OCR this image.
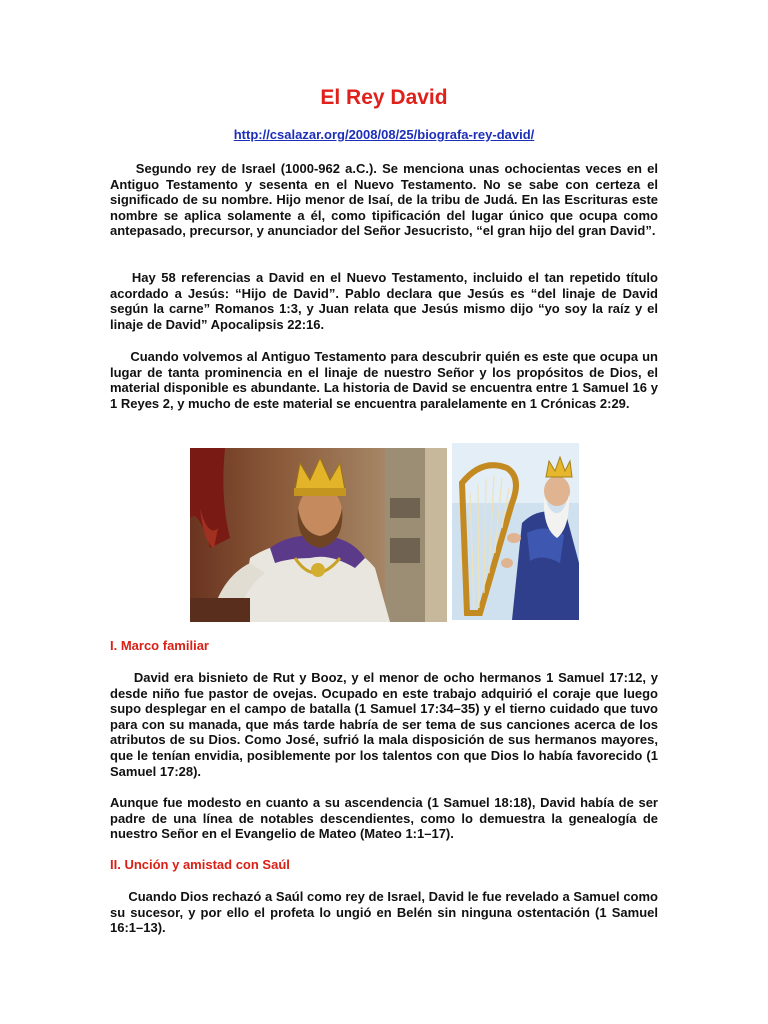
El Rey David
http://csalazar.org/2008/08/25/biografa-rey-david/

Segundo rey de Israel (1000-962 a.C.). Se menciona unas ochocientas veces en el Antiguo Testamento y sesenta en el Nuevo Testamento. No se sabe con certeza el significado de su nombre. Hijo menor de Isaí, de la tribu de Judá. En las Escrituras este nombre se aplica solamente a él, como tipificación del lugar único que ocupa como antepasado, precursor, y anunciador del Señor Jesucristo, “el gran hijo del gran David”.

Hay 58 referencias a David en el Nuevo Testamento, incluido el tan repetido título acordado a Jesús: “Hijo de David”. Pablo declara que Jesús es “del linaje de David según la carne” Romanos 1:3, y Juan relata que Jesús mismo dijo “yo soy la raíz y el linaje de David” Apocalipsis 22:16.

Cuando volvemos al Antiguo Testamento para descubrir quién es este que ocupa un lugar de tanta prominencia en el linaje de nuestro Señor y los propósitos de Dios, el material disponible es abundante. La historia de David se encuentra entre 1 Samuel 16 y 1 Reyes 2, y mucho de este material se encuentra paralelamente en 1 Crónicas 2:29.

I. Marco familiar

David era bisnieto de Rut y Booz, y el menor de ocho hermanos 1 Samuel 17:12, y desde niño fue pastor de ovejas. Ocupado en este trabajo adquirió el coraje que luego supo desplegar en el campo de batalla (1 Samuel 17:34–35) y el tierno cuidado que tuvo para con su manada, que más tarde habría de ser tema de sus canciones acerca de los atributos de su Dios. Como José, sufrió la mala disposición de sus hermanos mayores, que le tenían envidia, posiblemente por los talentos con que Dios lo había favorecido (1 Samuel 17:28).

Aunque fue modesto en cuanto a su ascendencia (1 Samuel 18:18), David había de ser padre de una línea de notables descendientes, como lo demuestra la genealogía de nuestro Señor en el Evangelio de Mateo (Mateo 1:1–17).

II. Unción y amistad con Saúl

Cuando Dios rechazó a Saúl como rey de Israel, David le fue revelado a Samuel como su sucesor, y por ello el profeta lo ungió en Belén sin ninguna ostentación (1 Samuel 16:1–13).
